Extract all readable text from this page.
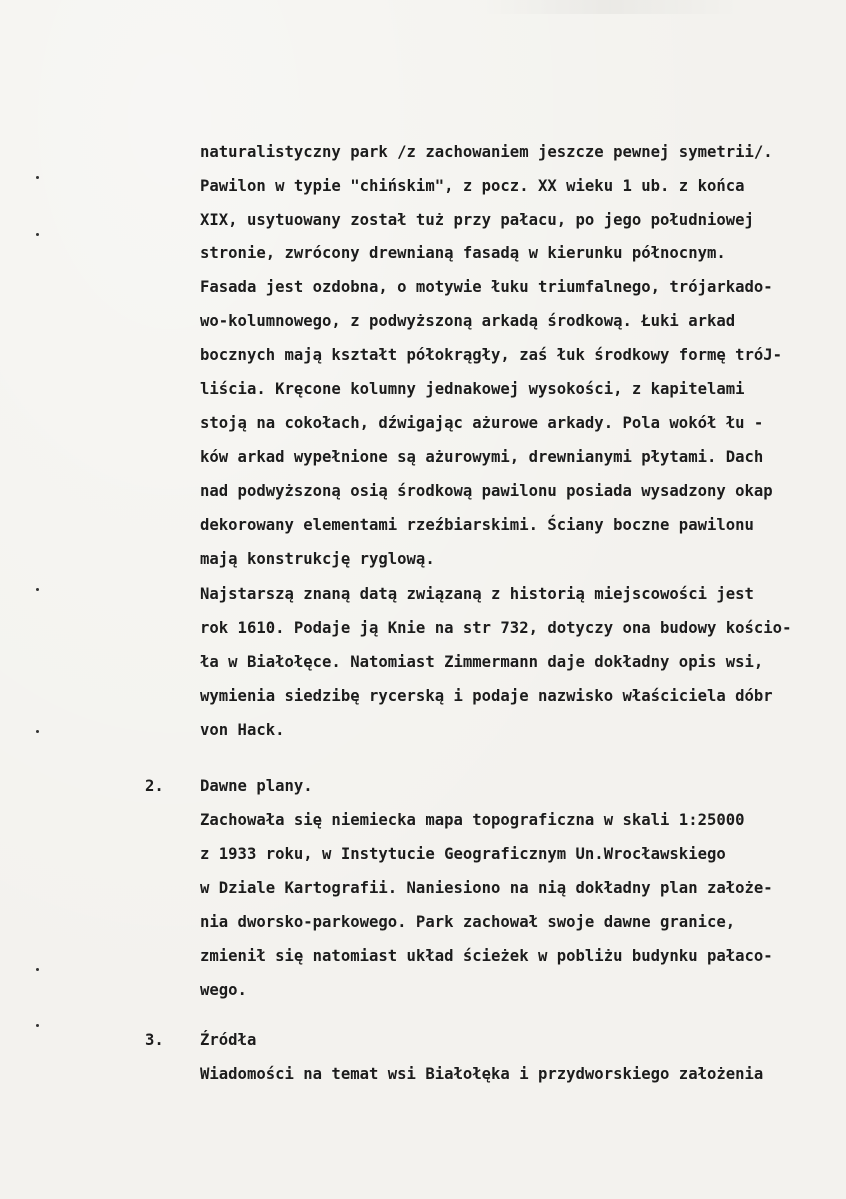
naturalistyczny park /z zachowaniem jeszcze pewnej symetrii/.
Pawilon w typie "chińskim", z pocz. XX wieku 1 ub. z końca
XIX, usytuowany został tuż przy pałacu, po jego południowej
stronie, zwrócony drewnianą fasadą w kierunku północnym.
Fasada jest ozdobna, o motywie łuku triumfalnego, trójarkado-
wo-kolumnowego, z podwyższoną arkadą środkową. Łuki arkad
bocznych mają kształt półokrągły, zaś łuk środkowy formę tróJ-
liścia. Kręcone kolumny jednakowej wysokości, z kapitelami
stoją na cokołach, dźwigając ażurowe arkady. Pola wokół łu -
ków arkad wypełnione są ażurowymi, drewnianymi płytami. Dach
nad podwyższoną osią środkową pawilonu posiada wysadzony okap
dekorowany elementami rzeźbiarskimi. Ściany boczne pawilonu
mają konstrukcję ryglową.
Najstarszą znaną datą związaną z historią miejscowości jest
rok 1610. Podaje ją Knie na str 732, dotyczy ona budowy kościo-
ła w Białołęce. Natomiast Zimmermann daje dokładny opis wsi,
wymienia siedzibę rycerską i podaje nazwisko właściciela dóbr
von Hack.
2. Dawne plany.
Zachowała się niemiecka mapa topograficzna w skali 1:25000
z 1933 roku, w Instytucie Geograficznym Un.Wrocławskiego
w Dziale Kartografii. Naniesiono na nią dokładny plan założe-
nia dworsko-parkowego. Park zachował swoje dawne granice,
zmienił się natomiast układ ścieżek w pobliżu budynku pałaco-
wego.
3. Źródła
Wiadomości na temat wsi Białołęka i przydworskiego założenia
